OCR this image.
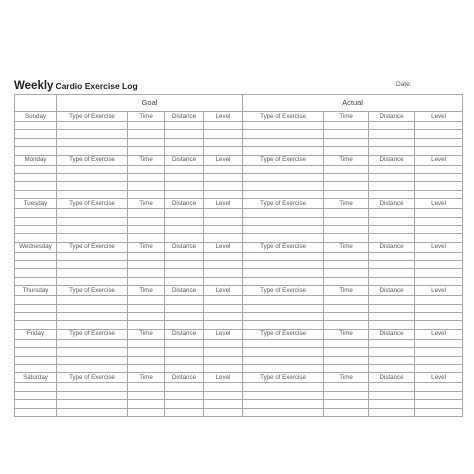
Weekly Cardio Exercise Log	Date:
	Goal				Actual			
Sunday	Type of Exercise	Time	Distance	Level	Type of Exercise	Time	Distance	Level

Monday	Type of Exercise	Time	Distance	Level	Type of Exercise	Time	Distance	Level

Tuesday	Type of Exercise	Time	Distance	Level	Type of Exercise	Time	Distance	Level

Wednesday	Type of Exercise	Time	Distance	Level	Type of Exercise	Time	Distance	Level

Thursday	Type of Exercise	Time	Distance	Level	Type of Exercise	Time	Distance	Level

Friday	Type of Exercise	Time	Distance	Level	Type of Exercise	Time	Distance	Level

Saturday	Type of Exercise	Time	Distance	Level	Type of Exercise	Time	Distance	Level
